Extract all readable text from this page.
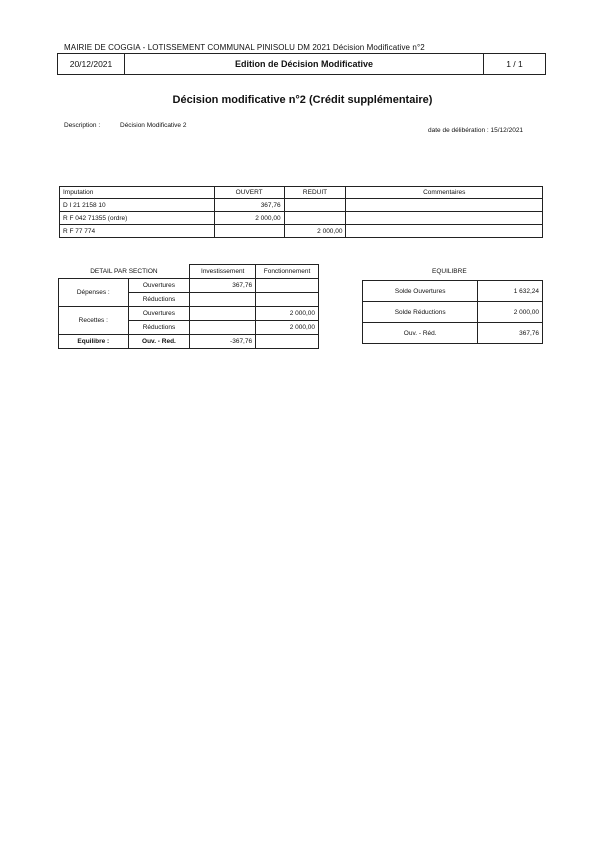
MAIRIE DE COGGIA - LOTISSEMENT COMMUNAL PINISOLU DM 2021 Décision Modificative n°2
20/12/2021	Edition de Décision Modificative	1 / 1
Décision modificative n°2 (Crédit supplémentaire)
Description :	Décision Modificative 2
date de délibération : 15/12/2021
Imputation	OUVERT	REDUIT	Commentaires
D I 21 2158 10	367,76		
R F 042 71355 (ordre)	2 000,00		
R F 77 774		2 000,00	
DETAIL PAR SECTION		Investissement	Fonctionnement
Dépenses :	Ouvertures	367,76	
	Réductions		
Recettes :	Ouvertures		2 000,00
	Réductions		2 000,00
Equilibre :	Ouv. - Red.	-367,76	
EQUILIBRE
Solde Ouvertures	1 632,24
Solde Réductions	2 000,00
Ouv. - Réd.	367,76
